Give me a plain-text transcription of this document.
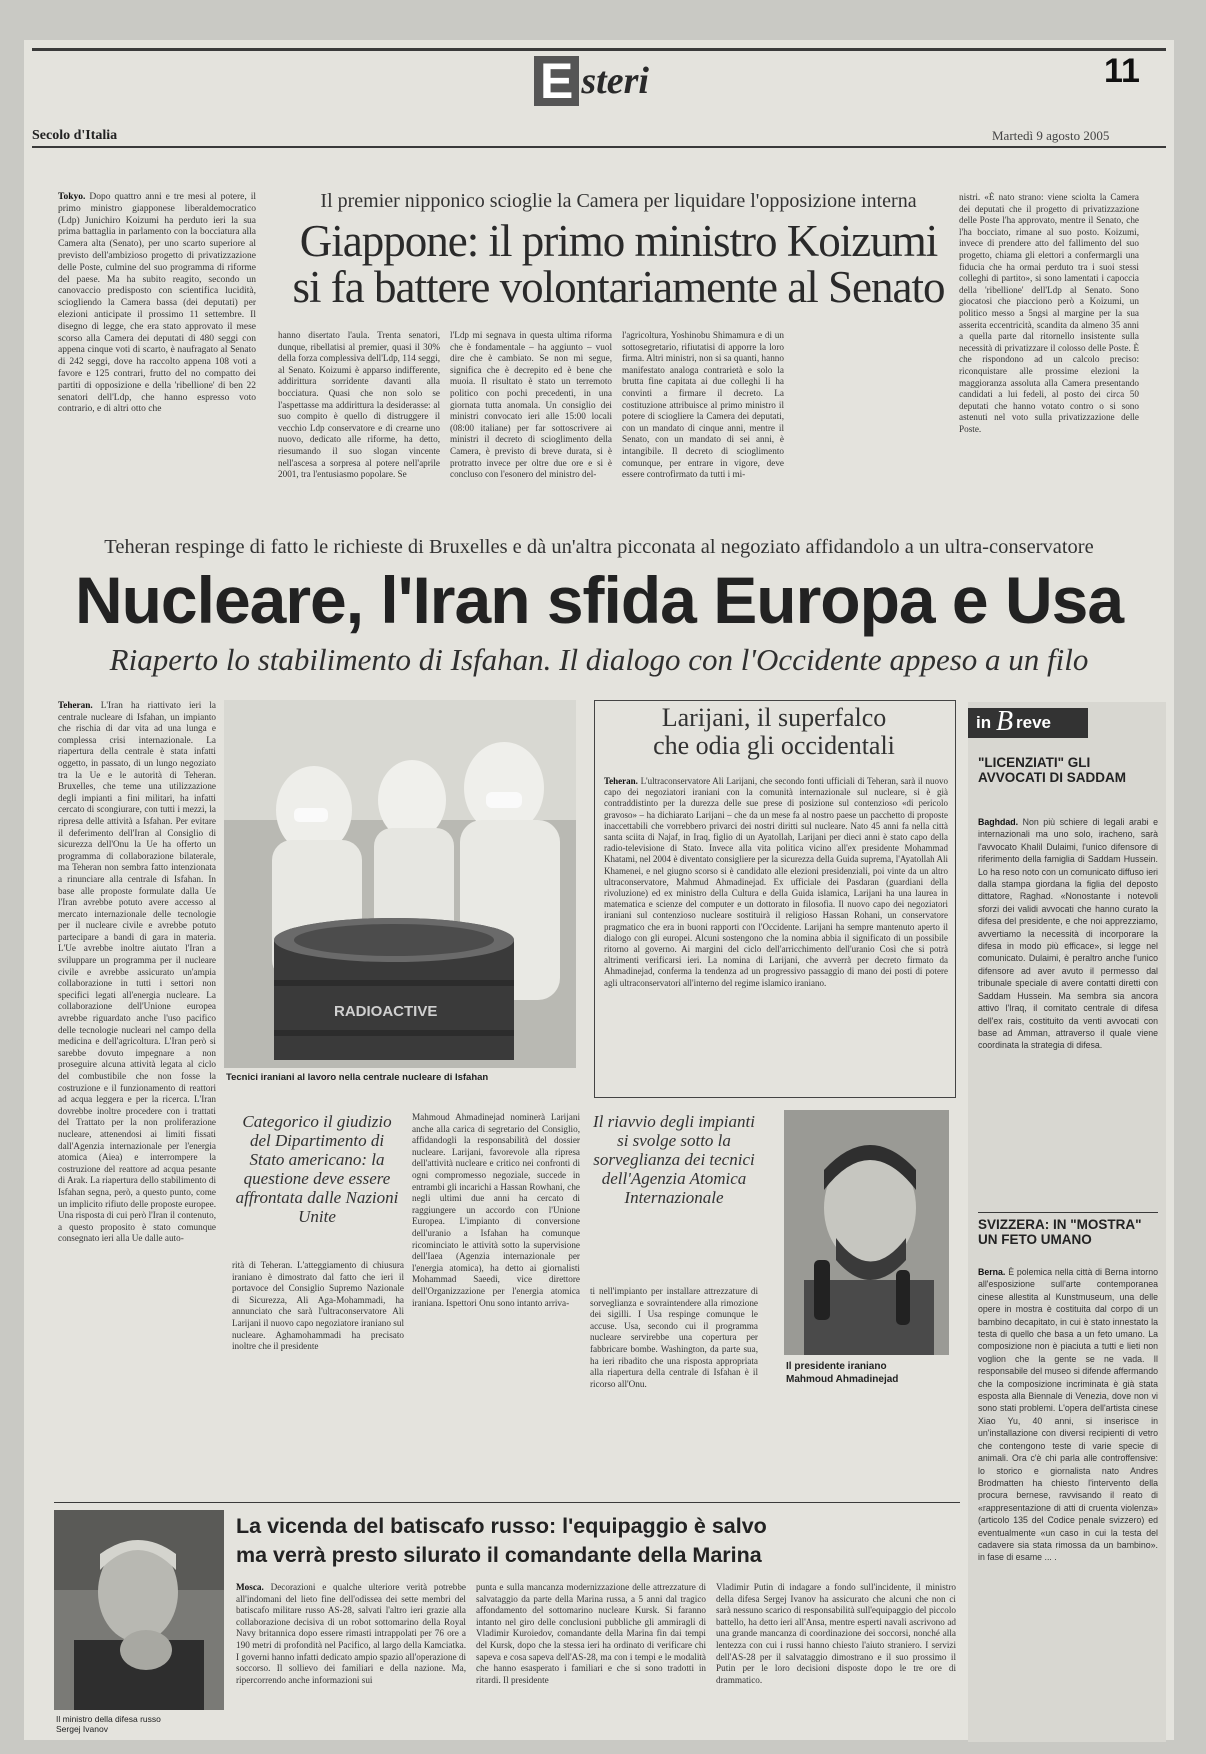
E steri	11
Secolo d'Italia	Martedì 9 agosto 2005
Tokyo. Dopo quattro anni e tre mesi al potere, il primo ministro giapponese liberaldemocratico (Ldp) Junichiro Koizumi ha perduto ieri la sua prima battaglia in parlamento con la bocciatura alla Camera alta (Senato), per uno scarto superiore al previsto dell'ambizioso progetto di privatizzazione delle Poste, culmine del suo programma di riforme del paese. Ma ha subito reagito, secondo un canovaccio predisposto con scientifica lucidità, sciogliendo la Camera bassa (dei deputati) per elezioni anticipate il prossimo 11 settembre. Il disegno di legge, che era stato approvato il mese scorso alla Camera dei deputati di 480 seggi con appena cinque voti di scarto, è naufragato al Senato di 242 seggi, dove ha raccolto appena 108 voti a favore e 125 contrari, frutto del no compatto dei partiti di opposizione e della 'ribellione' di ben 22 senatori dell'Ldp, che hanno espresso voto contrario, e di altri otto che
Il premier nipponico scioglie la Camera per liquidare l'opposizione interna
Giappone: il primo ministro Koizumi
si fa battere volontariamente al Senato
hanno disertato l'aula. Trenta senatori, dunque, ribellatisi al premier, quasi il 30% della forza complessiva dell'Ldp, 114 seggi, al Senato. Koizumi è apparso indifferente, addirittura sorridente davanti alla bocciatura. Quasi che non solo se l'aspettasse ma addirittura la desiderasse: al suo compito è quello di distruggere il vecchio Ldp conservatore e di crearne uno nuovo, dedicato alle riforme, ha detto, riesumando il suo slogan vincente nell'ascesa a sorpresa al potere nell'aprile 2001, tra l'entusiasmo popolare. Se
l'Ldp mi segnava in questa ultima riforma che è fondamentale – ha aggiunto – vuol dire che è cambiato. Se non mi segue, significa che è decrepito ed è bene che muoia. Il risultato è stato un terremoto politico con pochi precedenti, in una giornata tutta anomala. Un consiglio dei ministri convocato ieri alle 15:00 locali (08:00 italiane) per far sottoscrivere ai ministri il decreto di scioglimento della Camera, è previsto di breve durata, si è protratto invece per oltre due ore e si è concluso con l'esonero del ministro del-
l'agricoltura, Yoshinobu Shimamura e di un sottosegretario, rifiutatisi di apporre la loro firma. Altri ministri, non si sa quanti, hanno manifestato analoga contrarietà e solo la brutta fine capitata ai due colleghi li ha convinti a firmare il decreto. La costituzione attribuisce al primo ministro il potere di sciogliere la Camera dei deputati, con un mandato di cinque anni, mentre il Senato, con un mandato di sei anni, è intangibile. Il decreto di scioglimento comunque, per entrare in vigore, deve essere controfirmato da tutti i mi-
nistri. «È nato strano: viene sciolta la Camera dei deputati che il progetto di privatizzazione delle Poste l'ha approvato, mentre il Senato, che l'ha bocciato, rimane al suo posto. Koizumi, invece di prendere atto del fallimento del suo progetto, chiama gli elettori a confermargli una fiducia che ha ormai perduto tra i suoi stessi colleghi di partito», si sono lamentati i capoccia della 'ribellione' dell'Ldp al Senato. Sono giocatosi che piacciono però a Koizumi, un politico messo a 5ngsi al margine per la sua asserita eccentricità, scandita da almeno 35 anni a quella parte dal ritornello insistente sulla necessità di privatizzare il colosso delle Poste. È che rispondono ad un calcolo preciso: riconquistare alle prossime elezioni la maggioranza assoluta alla Camera presentando candidati a lui fedeli, al posto dei circa 50 deputati che hanno votato contro o si sono astenuti nel voto sulla privatizzazione delle Poste.
Teheran respinge di fatto le richieste di Bruxelles e dà un'altra picconata al negoziato affidandolo a un ultra-conservatore
Nucleare, l'Iran sfida Europa e Usa
Riaperto lo stabilimento di Isfahan. Il dialogo con l'Occidente appeso a un filo
Teheran. L'Iran ha riattivato ieri la centrale nucleare di Isfahan, un impianto che rischia di dar vita ad una lunga e complessa crisi internazionale. La riapertura della centrale è stata infatti oggetto, in passato, di un lungo negoziato tra la Ue e le autorità di Teheran. Bruxelles, che teme una utilizzazione degli impianti a fini militari, ha infatti cercato di scongiurare, con tutti i mezzi, la ripresa delle attività a Isfahan. Per evitare il deferimento dell'Iran al Consiglio di sicurezza dell'Onu la Ue ha offerto un programma di collaborazione bilaterale, ma Teheran non sembra fatto intenzionata a rinunciare alla centrale di Isfahan. In base alle proposte formulate dalla Ue l'Iran avrebbe potuto avere accesso al mercato internazionale delle tecnologie per il nucleare civile e avrebbe potuto partecipare a bandi di gara in materia. L'Ue avrebbe inoltre aiutato l'Iran a sviluppare un programma per il nucleare civile e avrebbe assicurato un'ampia collaborazione in tutti i settori non specifici legati all'energia nucleare. La collaborazione dell'Unione europea avrebbe riguardato anche l'uso pacifico delle tecnologie nucleari nel campo della medicina e dell'agricoltura. L'Iran però si sarebbe dovuto impegnare a non proseguire alcuna attività legata al ciclo del combustibile che non fosse la costruzione e il funzionamento di reattori ad acqua leggera e per la ricerca. L'Iran dovrebbe inoltre procedere con i trattati del Trattato per la non proliferazione nucleare, attenendosi ai limiti fissati dall'Agenzia internazionale per l'energia atomica (Aiea) e interrompere la costruzione del reattore ad acqua pesante di Arak. La riapertura dello stabilimento di Isfahan segna, però, a questo punto, come un implicito rifiuto delle proposte europee. Una risposta di cui però l'Iran il contenuto, a questo proposito è stato comunque consegnato ieri alla Ue dalle auto-
RADIOACTIVE
Tecnici iraniani al lavoro nella centrale nucleare di Isfahan
Categorico il giudizio del Dipartimento di Stato americano: la questione deve essere affrontata dalle Nazioni Unite
rità di Teheran. L'atteggiamento di chiusura iraniano è dimostrato dal fatto che ieri il portavoce del Consiglio Supremo Nazionale di Sicurezza, Ali Aga-Mohammadi, ha annunciato che sarà l'ultraconservatore Ali Larijani il nuovo capo negoziatore iraniano sul nucleare. Aghamohammadi ha precisato inoltre che il presidente
Mahmoud Ahmadinejad nominerà Larijani anche alla carica di segretario del Consiglio, affidandogli la responsabilità del dossier nucleare. Larijani, favorevole alla ripresa dell'attività nucleare e critico nei confronti di ogni compromesso negoziale, succede in entrambi gli incarichi a Hassan Rowhani, che negli ultimi due anni ha cercato di raggiungere un accordo con l'Unione Europea. L'impianto di conversione dell'uranio a Isfahan ha comunque ricominciato le attività sotto la supervisione dell'Iaea (Agenzia internazionale per l'energia atomica), ha detto ai giornalisti Mohammad Saeedi, vice direttore dell'Organizzazione per l'energia atomica iraniana. Ispettori Onu sono intanto arriva-
Il riavvio degli impianti si svolge sotto la sorveglianza dei tecnici dell'Agenzia Atomica Internazionale
ti nell'impianto per installare attrezzature di sorveglianza e sovraintendere alla rimozione dei sigilli. I Usa respinge comunque le accuse. Usa, secondo cui il programma nucleare servirebbe una copertura per fabbricare bombe. Washington, da parte sua, ha ieri ribadito che una risposta appropriata alla riapertura della centrale di Isfahan è il ricorso all'Onu.
Il presidente iraniano
Mahmoud Ahmadinejad
Larijani, il superfalco
che odia gli occidentali
Teheran. L'ultraconservatore Ali Larijani, che secondo fonti ufficiali di Teheran, sarà il nuovo capo dei negoziatori iraniani con la comunità internazionale sul nucleare, si è già contraddistinto per la durezza delle sue prese di posizione sul contenzioso «di pericolo gravoso» – ha dichiarato Larijani – che da un mese fa al nostro paese un pacchetto di proposte inaccettabili che vorrebbero privarci dei nostri diritti sul nucleare. Nato 45 anni fa nella città santa sciita di Najaf, in Iraq, figlio di un Ayatollah, Larijani per dieci anni è stato capo della radio-televisione di Stato. Invece alla vita politica vicino all'ex presidente Mohammad Khatami, nel 2004 è diventato consigliere per la sicurezza della Guida suprema, l'Ayatollah Ali Khamenei, e nel giugno scorso si è candidato alle elezioni presidenziali, poi vinte da un altro ultraconservatore, Mahmud Ahmadinejad. Ex ufficiale dei Pasdaran (guardiani della rivoluzione) ed ex ministro della Cultura e della Guida islamica, Larijani ha una laurea in matematica e scienze del computer e un dottorato in filosofia. Il nuovo capo dei negoziatori iraniani sul contenzioso nucleare sostituirà il religioso Hassan Rohani, un conservatore pragmatico che era in buoni rapporti con l'Occidente. Larijani ha sempre mantenuto aperto il dialogo con gli europei. Alcuni sostengono che la nomina abbia il significato di un possibile ritorno al governo. Ai margini del ciclo dell'arricchimento dell'uranio Così che si potrà altrimenti verificarsi ieri. La nomina di Larijani, che avverrà per decreto firmato da Ahmadinejad, conferma la tendenza ad un progressivo passaggio di mano dei posti di potere agli ultraconservatori all'interno del regime islamico iraniano.
in B reve
"LICENZIATI" GLI AVVOCATI DI SADDAM
Baghdad. Non più schiere di legali arabi e internazionali ma uno solo, iracheno, sarà l'avvocato Khalil Dulaimi, l'unico difensore di riferimento della famiglia di Saddam Hussein. Lo ha reso noto con un comunicato diffuso ieri dalla stampa giordana la figlia del deposto dittatore, Raghad. «Nonostante i notevoli sforzi dei validi avvocati che hanno curato la difesa del presidente, e che noi apprezziamo, avvertiamo la necessità di incorporare la difesa in modo più efficace», si legge nel comunicato. Dulaimi, è peraltro anche l'unico difensore ad aver avuto il permesso dal tribunale speciale di avere contatti diretti con Saddam Hussein. Ma sembra sia ancora attivo l'Iraq, il comitato centrale di difesa dell'ex rais, costituito da venti avvocati con base ad Amman, attraverso il quale viene coordinata la strategia di difesa.
SVIZZERA: IN "MOSTRA" UN FETO UMANO
Berna. È polemica nella città di Berna intorno all'esposizione sull'arte contemporanea cinese allestita al Kunstmuseum, una delle opere in mostra è costituita dal corpo di un bambino decapitato, in cui è stato innestato la testa di quello che basa a un feto umano. La composizione non è piaciuta a tutti e lieti non voglion che la gente se ne vada. Il responsabile del museo si difende affermando che la composizione incriminata è già stata esposta alla Biennale di Venezia, dove non vi sono stati problemi. L'opera dell'artista cinese Xiao Yu, 40 anni, si inserisce in un'installazione con diversi recipienti di vetro che contengono teste di varie specie di animali. Ora c'è chi parla alle controffensive: lo storico e giornalista nato Andres Brodmatten ha chiesto l'intervento della procura bernese, ravvisando il reato di «rappresentazione di atti di cruenta violenza» (articolo 135 del Codice penale svizzero) ed eventualmente «un caso in cui la testa del cadavere sia stata rimossa da un bambino». in fase di esame ... .
Il ministro della difesa russo
Sergej Ivanov
La vicenda del batiscafo russo: l'equipaggio è salvo
ma verrà presto silurato il comandante della Marina
Mosca. Decorazioni e qualche ulteriore verità potrebbe all'indomani del lieto fine dell'odissea dei sette membri del batiscafo militare russo AS-28, salvati l'altro ieri grazie alla collaborazione decisiva di un robot sottomarino della Royal Navy britannica dopo essere rimasti intrappolati per 76 ore a 190 metri di profondità nel Pacifico, al largo della Kamciatka. I governi hanno infatti dedicato ampio spazio all'operazione di soccorso. Il sollievo dei familiari e della nazione. Ma, ripercorrendo anche informazioni sui
punta e sulla mancanza modernizzazione delle attrezzature di salvataggio da parte della Marina russa, a 5 anni dal tragico affondamento del sottomarino nucleare Kursk. Si faranno intanto nel giro delle conclusioni pubbliche gli ammiragli di Vladimir Kuroiedov, comandante della Marina fin dai tempi del Kursk, dopo che la stessa ieri ha ordinato di verificare chi sapeva e cosa sapeva dell'AS-28, ma con i tempi e le modalità che hanno esasperato i familiari e che si sono tradotti in ritardi. Il presidente
Vladimir Putin di indagare a fondo sull'incidente, il ministro della difesa Sergej Ivanov ha assicurato che alcuni che non ci sarà nessuno scarico di responsabilità sull'equipaggio del piccolo battello, ha detto ieri all'Ansa, mentre esperti navali ascrivono ad una grande mancanza di coordinazione dei soccorsi, nonché alla lentezza con cui i russi hanno chiesto l'aiuto straniero. I servizi dell'AS-28 per il salvataggio dimostrano e il suo prossimo il Putin per le loro decisioni disposte dopo le tre ore di drammatico.
